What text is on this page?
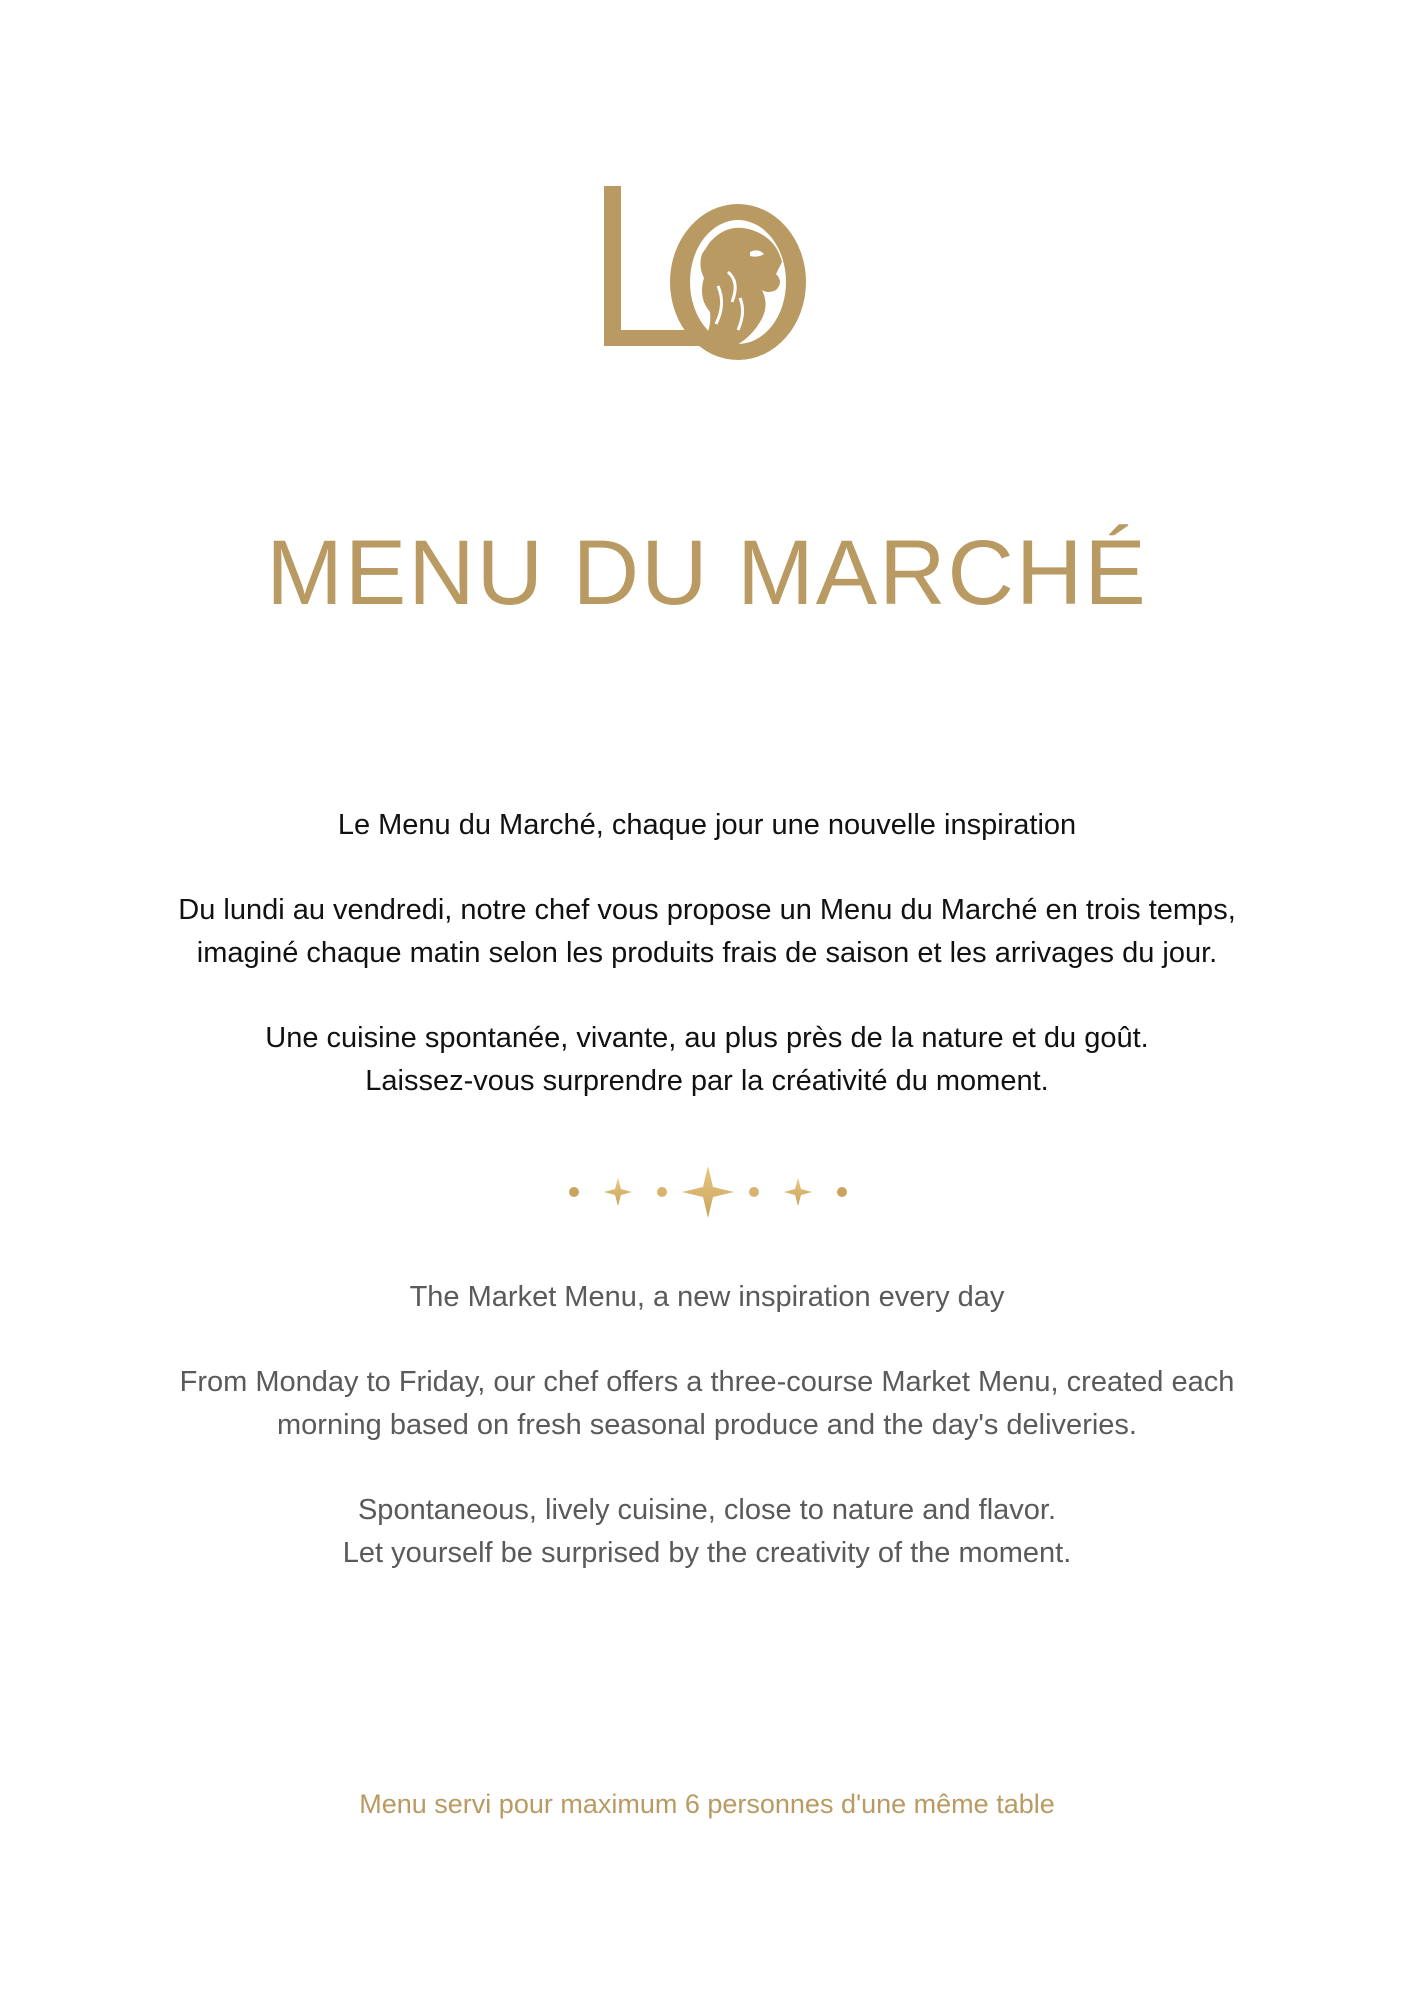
MENU DU MARCHÉ

Le Menu du Marché, chaque jour une nouvelle inspiration

Du lundi au vendredi, notre chef vous propose un Menu du Marché en trois temps,

imaginé chaque matin selon les produits frais de saison et les arrivages du jour.

Une cuisine spontanée, vivante, au plus près de la nature et du goût.

Laissez-vous surprendre par la créativité du moment.

The Market Menu, a new inspiration every day

From Monday to Friday, our chef offers a three-course Market Menu, created each

morning based on fresh seasonal produce and the day's deliveries.

Spontaneous, lively cuisine, close to nature and flavor.

Let yourself be surprised by the creativity of the moment.

Menu servi pour maximum 6 personnes d'une même table
